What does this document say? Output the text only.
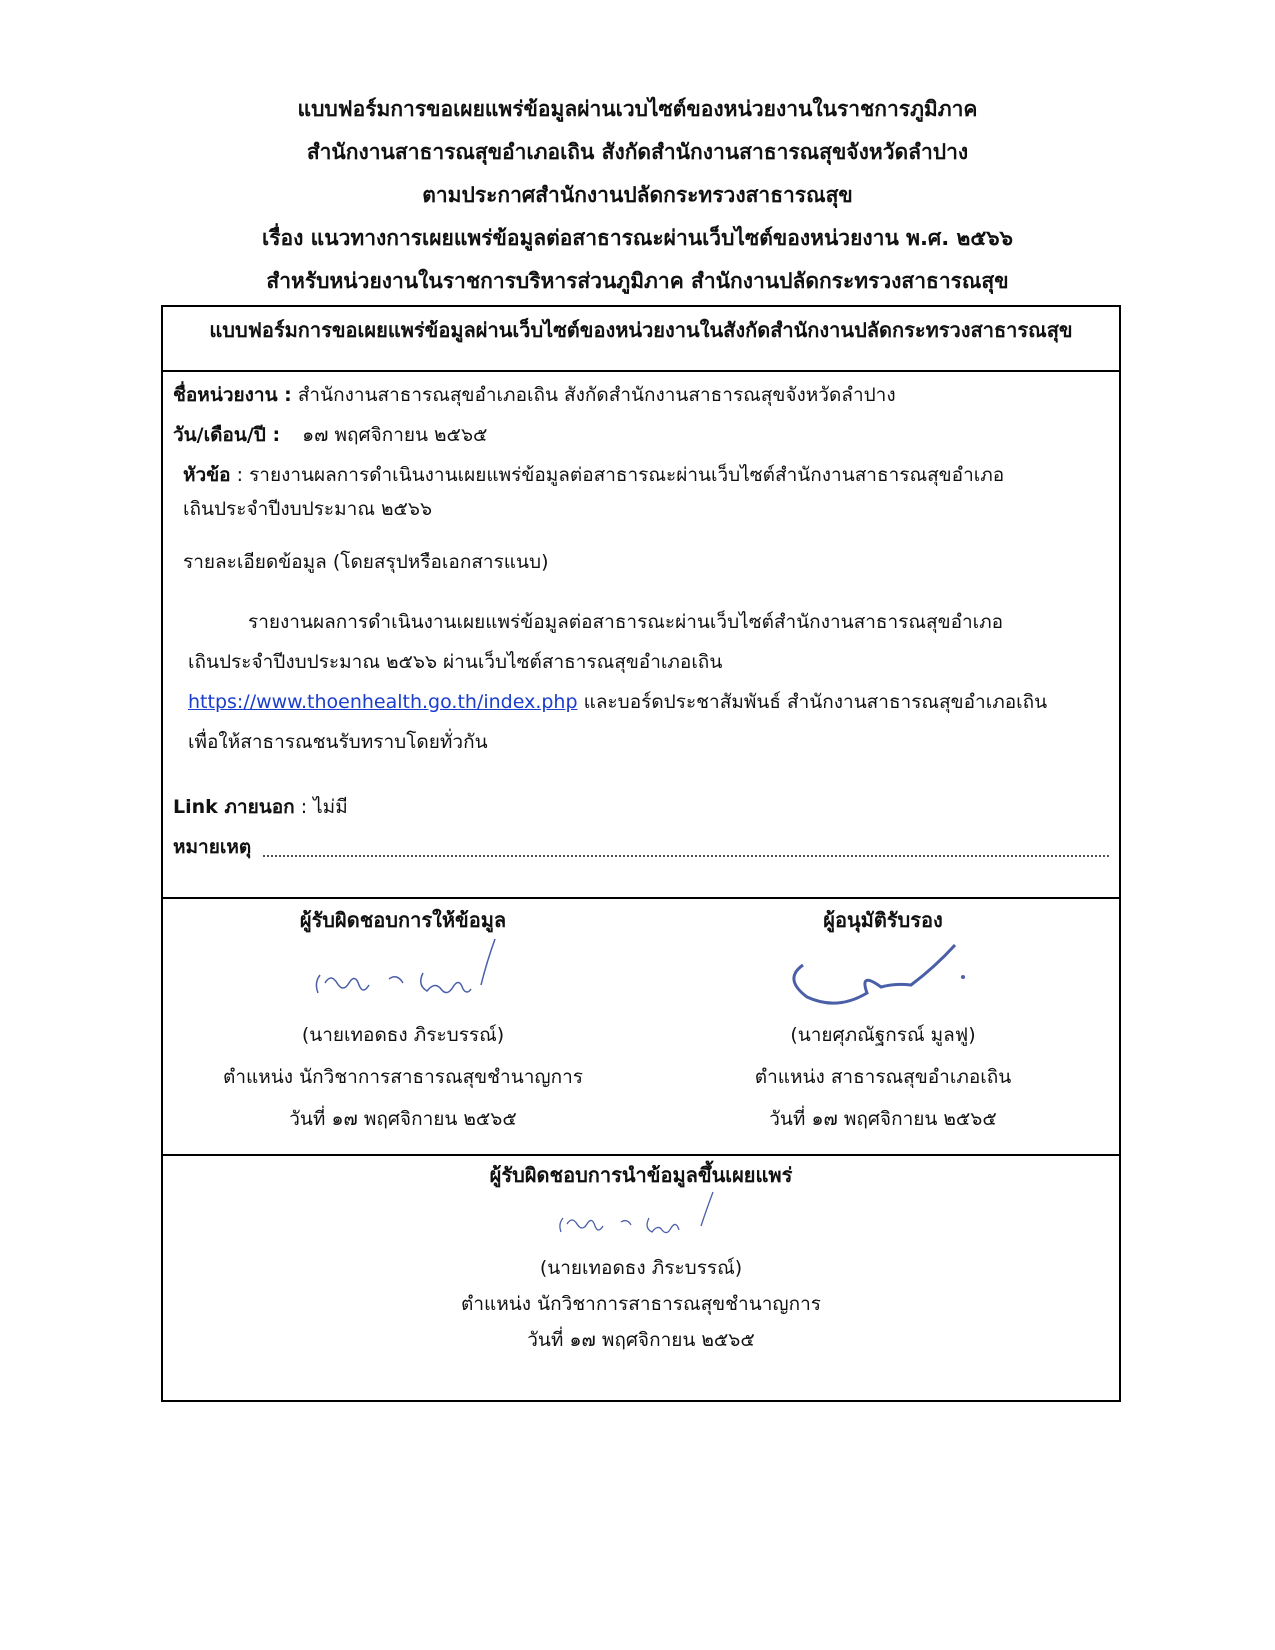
แบบฟอร์มการขอเผยแพร่ข้อมูลผ่านเวบไซต์ของหน่วยงานในราชการภูมิภาค
สำนักงานสาธารณสุขอำเภอเถิน สังกัดสำนักงานสาธารณสุขจังหวัดลำปาง
ตามประกาศสำนักงานปลัดกระทรวงสาธารณสุข
เรื่อง แนวทางการเผยแพร่ข้อมูลต่อสาธารณะผ่านเว็บไซต์ของหน่วยงาน พ.ศ. ๒๕๖๖
สำหรับหน่วยงานในราชการบริหารส่วนภูมิภาค สำนักงานปลัดกระทรวงสาธารณสุข
แบบฟอร์มการขอเผยแพร่ข้อมูลผ่านเว็บไซต์ของหน่วยงานในสังกัดสำนักงานปลัดกระทรวงสาธารณสุข
ชื่อหน่วยงาน : สำนักงานสาธารณสุขอำเภอเถิน สังกัดสำนักงานสาธารณสุขจังหวัดลำปาง
วัน/เดือน/ปี : ๑๗ พฤศจิกายน ๒๕๖๕
หัวข้อ : รายงานผลการดำเนินงานเผยแพร่ข้อมูลต่อสาธารณะผ่านเว็บไซต์สำนักงานสาธารณสุขอำเภอ
เถินประจำปีงบประมาณ ๒๕๖๖
รายละเอียดข้อมูล (โดยสรุปหรือเอกสารแนบ)
รายงานผลการดำเนินงานเผยแพร่ข้อมูลต่อสาธารณะผ่านเว็บไซต์สำนักงานสาธารณสุขอำเภอ
เถินประจำปีงบประมาณ ๒๕๖๖ ผ่านเว็บไซต์สาธารณสุขอำเภอเถิน
https://www.thoenhealth.go.th/index.php และบอร์ดประชาสัมพันธ์ สำนักงานสาธารณสุขอำเภอเถิน
เพื่อให้สาธารณชนรับทราบโดยทั่วกัน
Link ภายนอก : ไม่มี
หมายเหตุ
ผู้รับผิดชอบการให้ข้อมูล
(นายเทอดธง ภิระบรรณ์)
ตำแหน่ง นักวิชาการสาธารณสุขชำนาญการ
วันที่ ๑๗ พฤศจิกายน ๒๕๖๕
ผู้อนุมัติรับรอง
(นายศุภณัฐกรณ์ มูลฟู)
ตำแหน่ง สาธารณสุขอำเภอเถิน
วันที่ ๑๗ พฤศจิกายน ๒๕๖๕
ผู้รับผิดชอบการนำข้อมูลขึ้นเผยแพร่
(นายเทอดธง ภิระบรรณ์)
ตำแหน่ง นักวิชาการสาธารณสุขชำนาญการ
วันที่ ๑๗ พฤศจิกายน ๒๕๖๕
